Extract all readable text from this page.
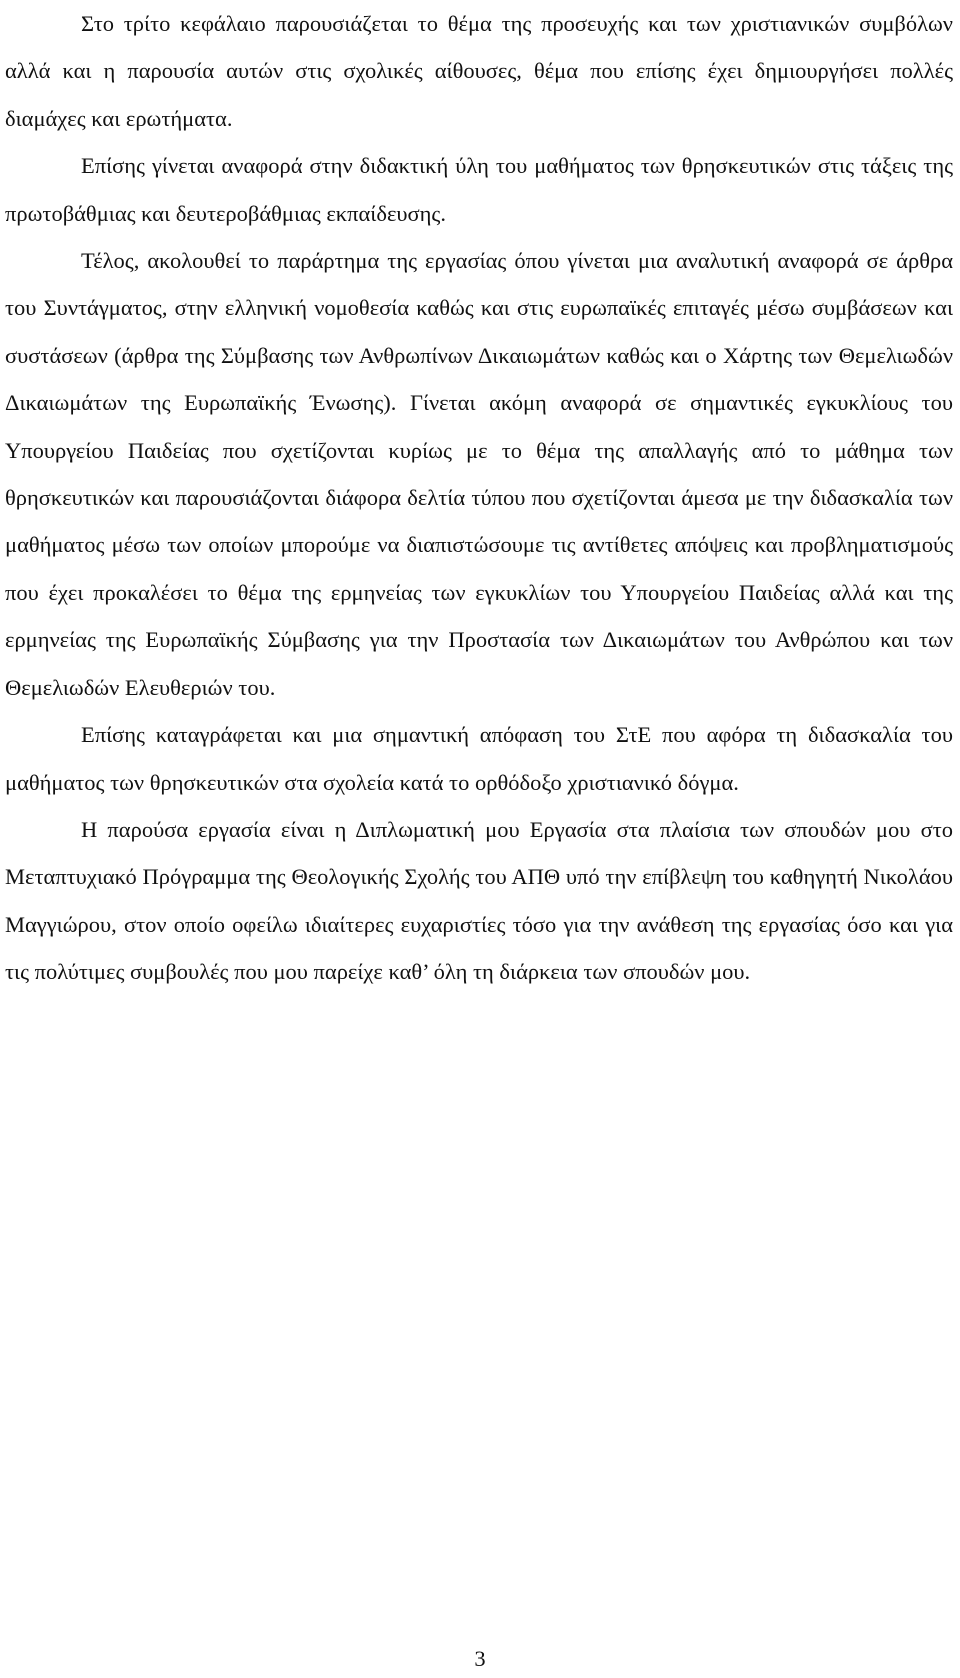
Στο τρίτο κεφάλαιο παρουσιάζεται το θέμα της προσευχής και των χριστιανικών συμβόλων αλλά και η παρουσία αυτών στις σχολικές αίθουσες, θέμα που επίσης έχει δημιουργήσει πολλές διαμάχες και ερωτήματα.

Επίσης γίνεται αναφορά στην διδακτική ύλη του μαθήματος των θρησκευτικών στις τάξεις της πρωτοβάθμιας και δευτεροβάθμιας εκπαίδευσης.

Τέλος, ακολουθεί το παράρτημα της εργασίας όπου γίνεται μια αναλυτική αναφορά σε άρθρα του Συντάγματος, στην ελληνική νομοθεσία καθώς και στις ευρωπαϊκές επιταγές μέσω συμβάσεων και συστάσεων (άρθρα της Σύμβασης των Ανθρωπίνων Δικαιωμάτων καθώς και ο Χάρτης των Θεμελιωδών Δικαιωμάτων της Ευρωπαϊκής Ένωσης). Γίνεται ακόμη αναφορά σε σημαντικές εγκυκλίους του Υπουργείου Παιδείας που σχετίζονται κυρίως με το θέμα της απαλλαγής από το μάθημα των θρησκευτικών και παρουσιάζονται διάφορα δελτία τύπου που σχετίζονται άμεσα με την διδασκαλία των μαθήματος μέσω των οποίων μπορούμε να διαπιστώσουμε τις αντίθετες απόψεις και προβληματισμούς που έχει προκαλέσει το θέμα της ερμηνείας των εγκυκλίων του Υπουργείου Παιδείας αλλά και της ερμηνείας της Ευρωπαϊκής Σύμβασης για την Προστασία των Δικαιωμάτων του Ανθρώπου και των Θεμελιωδών Ελευθεριών του.

Επίσης καταγράφεται και μια σημαντική απόφαση του ΣτΕ που αφόρα τη διδασκαλία του μαθήματος των θρησκευτικών στα σχολεία κατά το ορθόδοξο χριστιανικό δόγμα.

Η παρούσα εργασία είναι η Διπλωματική μου Εργασία στα πλαίσια των σπουδών μου στο Μεταπτυχιακό Πρόγραμμα της Θεολογικής Σχολής του ΑΠΘ υπό την επίβλεψη του καθηγητή Νικολάου Μαγγιώρου, στον οποίο οφείλω ιδιαίτερες ευχαριστίες τόσο για την ανάθεση της εργασίας όσο και για τις πολύτιμες συμβουλές που μου παρείχε καθ’ όλη τη διάρκεια των σπουδών μου.

3
